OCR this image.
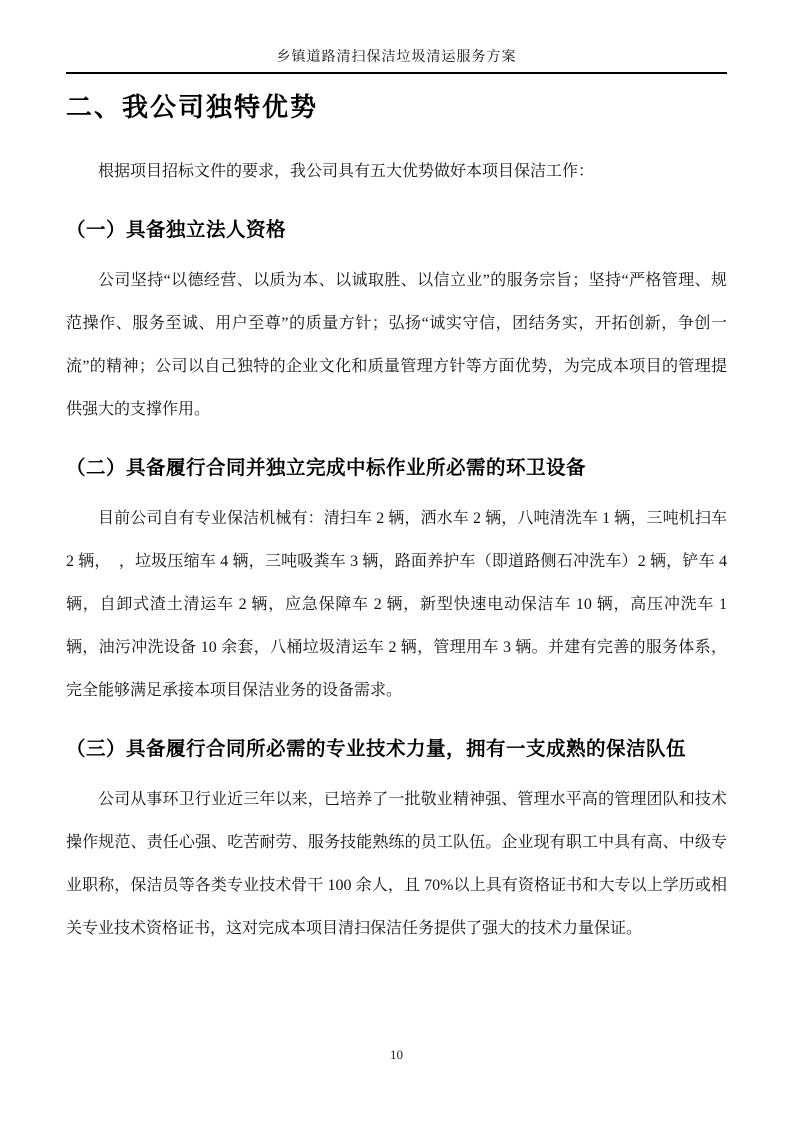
乡镇道路清扫保洁垃圾清运服务方案
二、我公司独特优势

根据项目招标文件的要求，我公司具有五大优势做好本项目保洁工作：

（一）具备独立法人资格

公司坚持“以德经营、以质为本、以诚取胜、以信立业”的服务宗旨；坚持“严格管理、规范操作、服务至诚、用户至尊”的质量方针；弘扬“诚实守信，团结务实，开拓创新，争创一流”的精神；公司以自己独特的企业文化和质量管理方针等方面优势，为完成本项目的管理提供强大的支撑作用。

（二）具备履行合同并独立完成中标作业所必需的环卫设备

目前公司自有专业保洁机械有：清扫车 2 辆，洒水车 2 辆，八吨清洗车 1 辆，三吨机扫车 2 辆，　，垃圾压缩车 4 辆，三吨吸粪车 3 辆，路面养护车（即道路侧石冲洗车）2 辆，铲车 4 辆，自卸式渣土清运车 2 辆，应急保障车 2 辆，新型快速电动保洁车 10 辆，高压冲洗车 1 辆，油污冲洗设备 10 余套，八桶垃圾清运车 2 辆，管理用车 3 辆。并建有完善的服务体系，完全能够满足承接本项目保洁业务的设备需求。

（三）具备履行合同所必需的专业技术力量，拥有一支成熟的保洁队伍

公司从事环卫行业近三年以来，已培养了一批敬业精神强、管理水平高的管理团队和技术操作规范、责任心强、吃苦耐劳、服务技能熟练的员工队伍。企业现有职工中具有高、中级专业职称，保洁员等各类专业技术骨干 100 余人，且 70%以上具有资格证书和大专以上学历或相关专业技术资格证书，这对完成本项目清扫保洁任务提供了强大的技术力量保证。

10
